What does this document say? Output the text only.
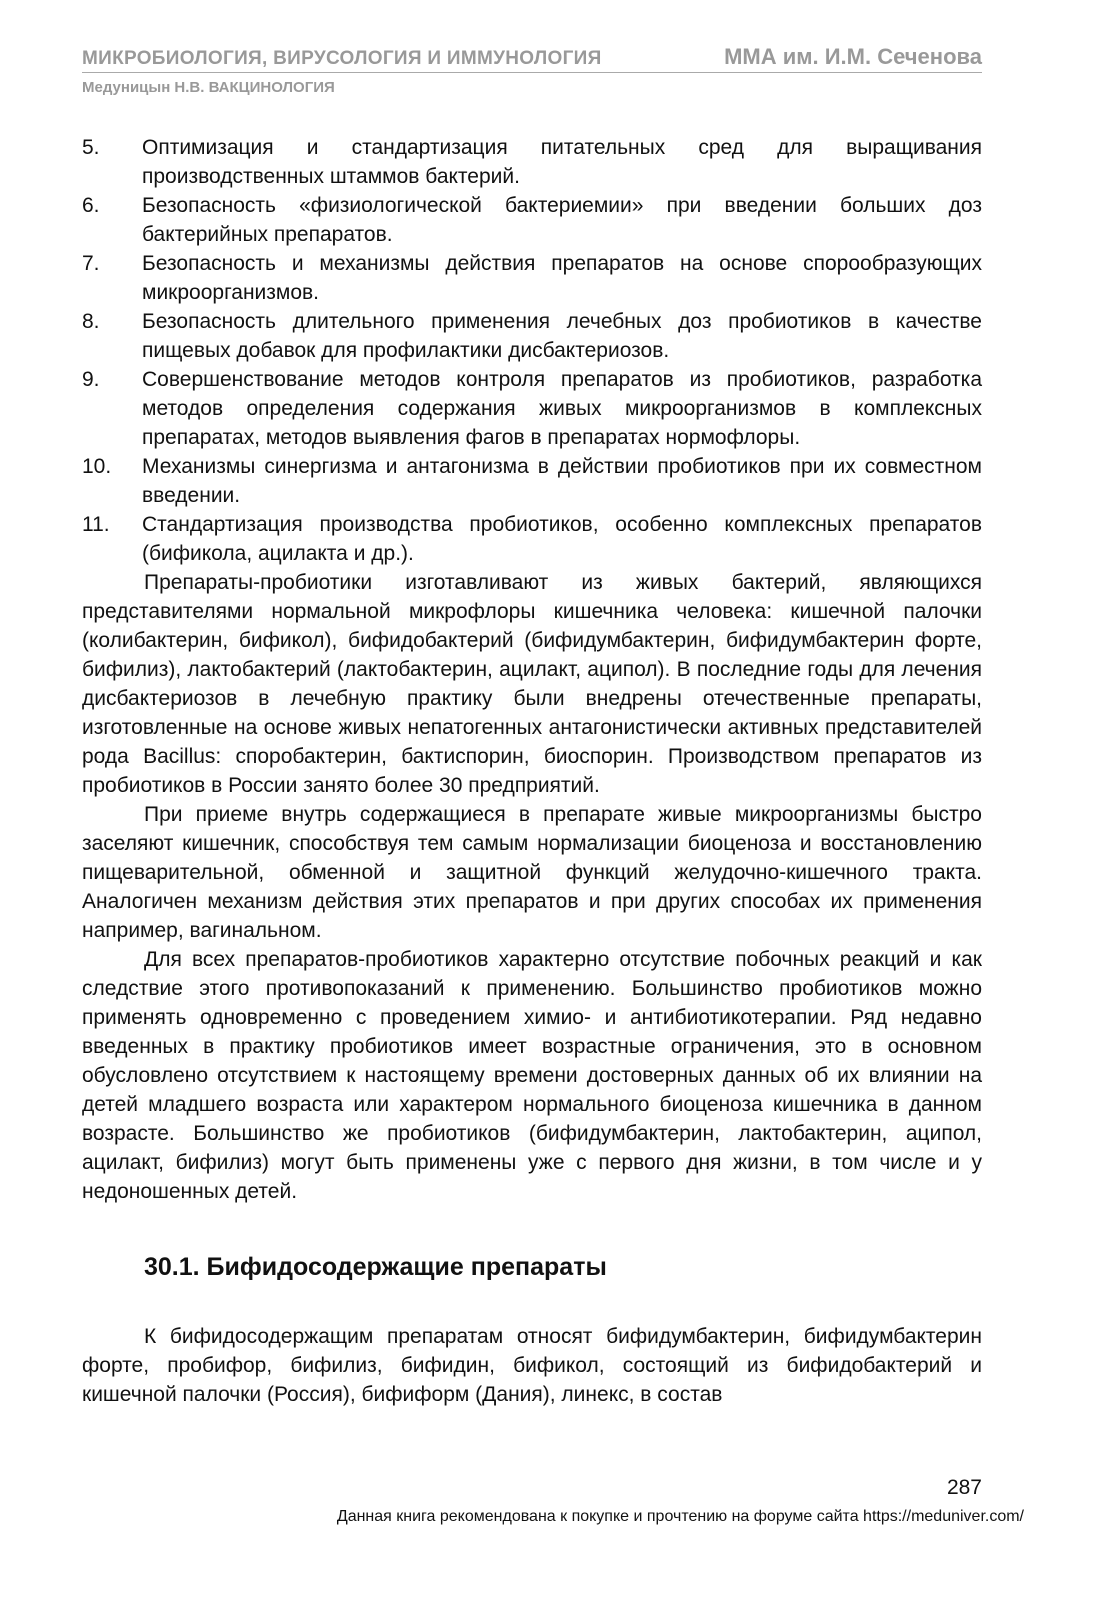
МИКРОБИОЛОГИЯ, ВИРУСОЛОГИЯ И ИММУНОЛОГИЯ	ММА им. И.М. Сеченова
Медуницын Н.В. ВАКЦИНОЛОГИЯ
5.	Оптимизация и стандартизация питательных сред для выращивания производственных штаммов бактерий.
6.	Безопасность «физиологической бактериемии» при введении больших доз бактерийных препаратов.
7.	Безопасность и механизмы действия препаратов на основе спорообразующих микроорганизмов.
8.	Безопасность длительного применения лечебных доз пробиотиков в качестве пищевых добавок для профилактики дисбактериозов.
9.	Совершенствование методов контроля препаратов из пробиотиков, разработка методов определения содержания живых микроорганизмов в комплексных препаратах, методов выявления фагов в препаратах нормофлоры.
10.	Механизмы синергизма и антагонизма в действии пробиотиков при их совместном введении.
11.	Стандартизация производства пробиотиков, особенно комплексных препаратов (бификола, ацилакта и др.).

Препараты-пробиотики изготавливают из живых бактерий, являющихся представителями нормальной микрофлоры кишечника человека: кишечной палочки (колибактерин, бификол), бифидобактерий (бифидумбактерин, бифидумбактерин форте, бифилиз), лактобактерий (лактобактерин, ацилакт, аципол). В последние годы для лечения дисбактериозов в лечебную практику были внедрены отечественные препараты, изготовленные на основе живых непатогенных антагонистически активных представителей рода Bacillus: споробактерин, бактиспорин, биоспорин. Производством препаратов из пробиотиков в России занято более 30 предприятий.

При приеме внутрь содержащиеся в препарате живые микроорганизмы быстро заселяют кишечник, способствуя тем самым нормализации биоценоза и восстановлению пищеварительной, обменной и защитной функций желудочно-кишечного тракта. Аналогичен механизм действия этих препаратов и при других способах их применения например, вагинальном.

Для всех препаратов-пробиотиков характерно отсутствие побочных реакций и как следствие этого противопоказаний к применению. Большинство пробиотиков можно применять одновременно с проведением химио- и антибиотикотерапии. Ряд недавно введенных в практику пробиотиков имеет возрастные ограничения, это в основном обусловлено отсутствием к настоящему времени достоверных данных об их влиянии на детей младшего возраста или характером нормального биоценоза кишечника в данном возрасте. Большинство же пробиотиков (бифидумбактерин, лактобактерин, аципол, ацилакт, бифилиз) могут быть применены уже с первого дня жизни, в том числе и у недоношенных детей.

30.1. Бифидосодержащие препараты

К бифидосодержащим препаратам относят бифидумбактерин, бифидумбактерин форте, пробифор, бифилиз, бифидин, бификол, состоящий из бифидобактерий и кишечной палочки (Россия), бифиформ (Дания), линекс, в состав

287
Данная книга рекомендована к покупке и прочтению на форуме сайта https://meduniver.com/
